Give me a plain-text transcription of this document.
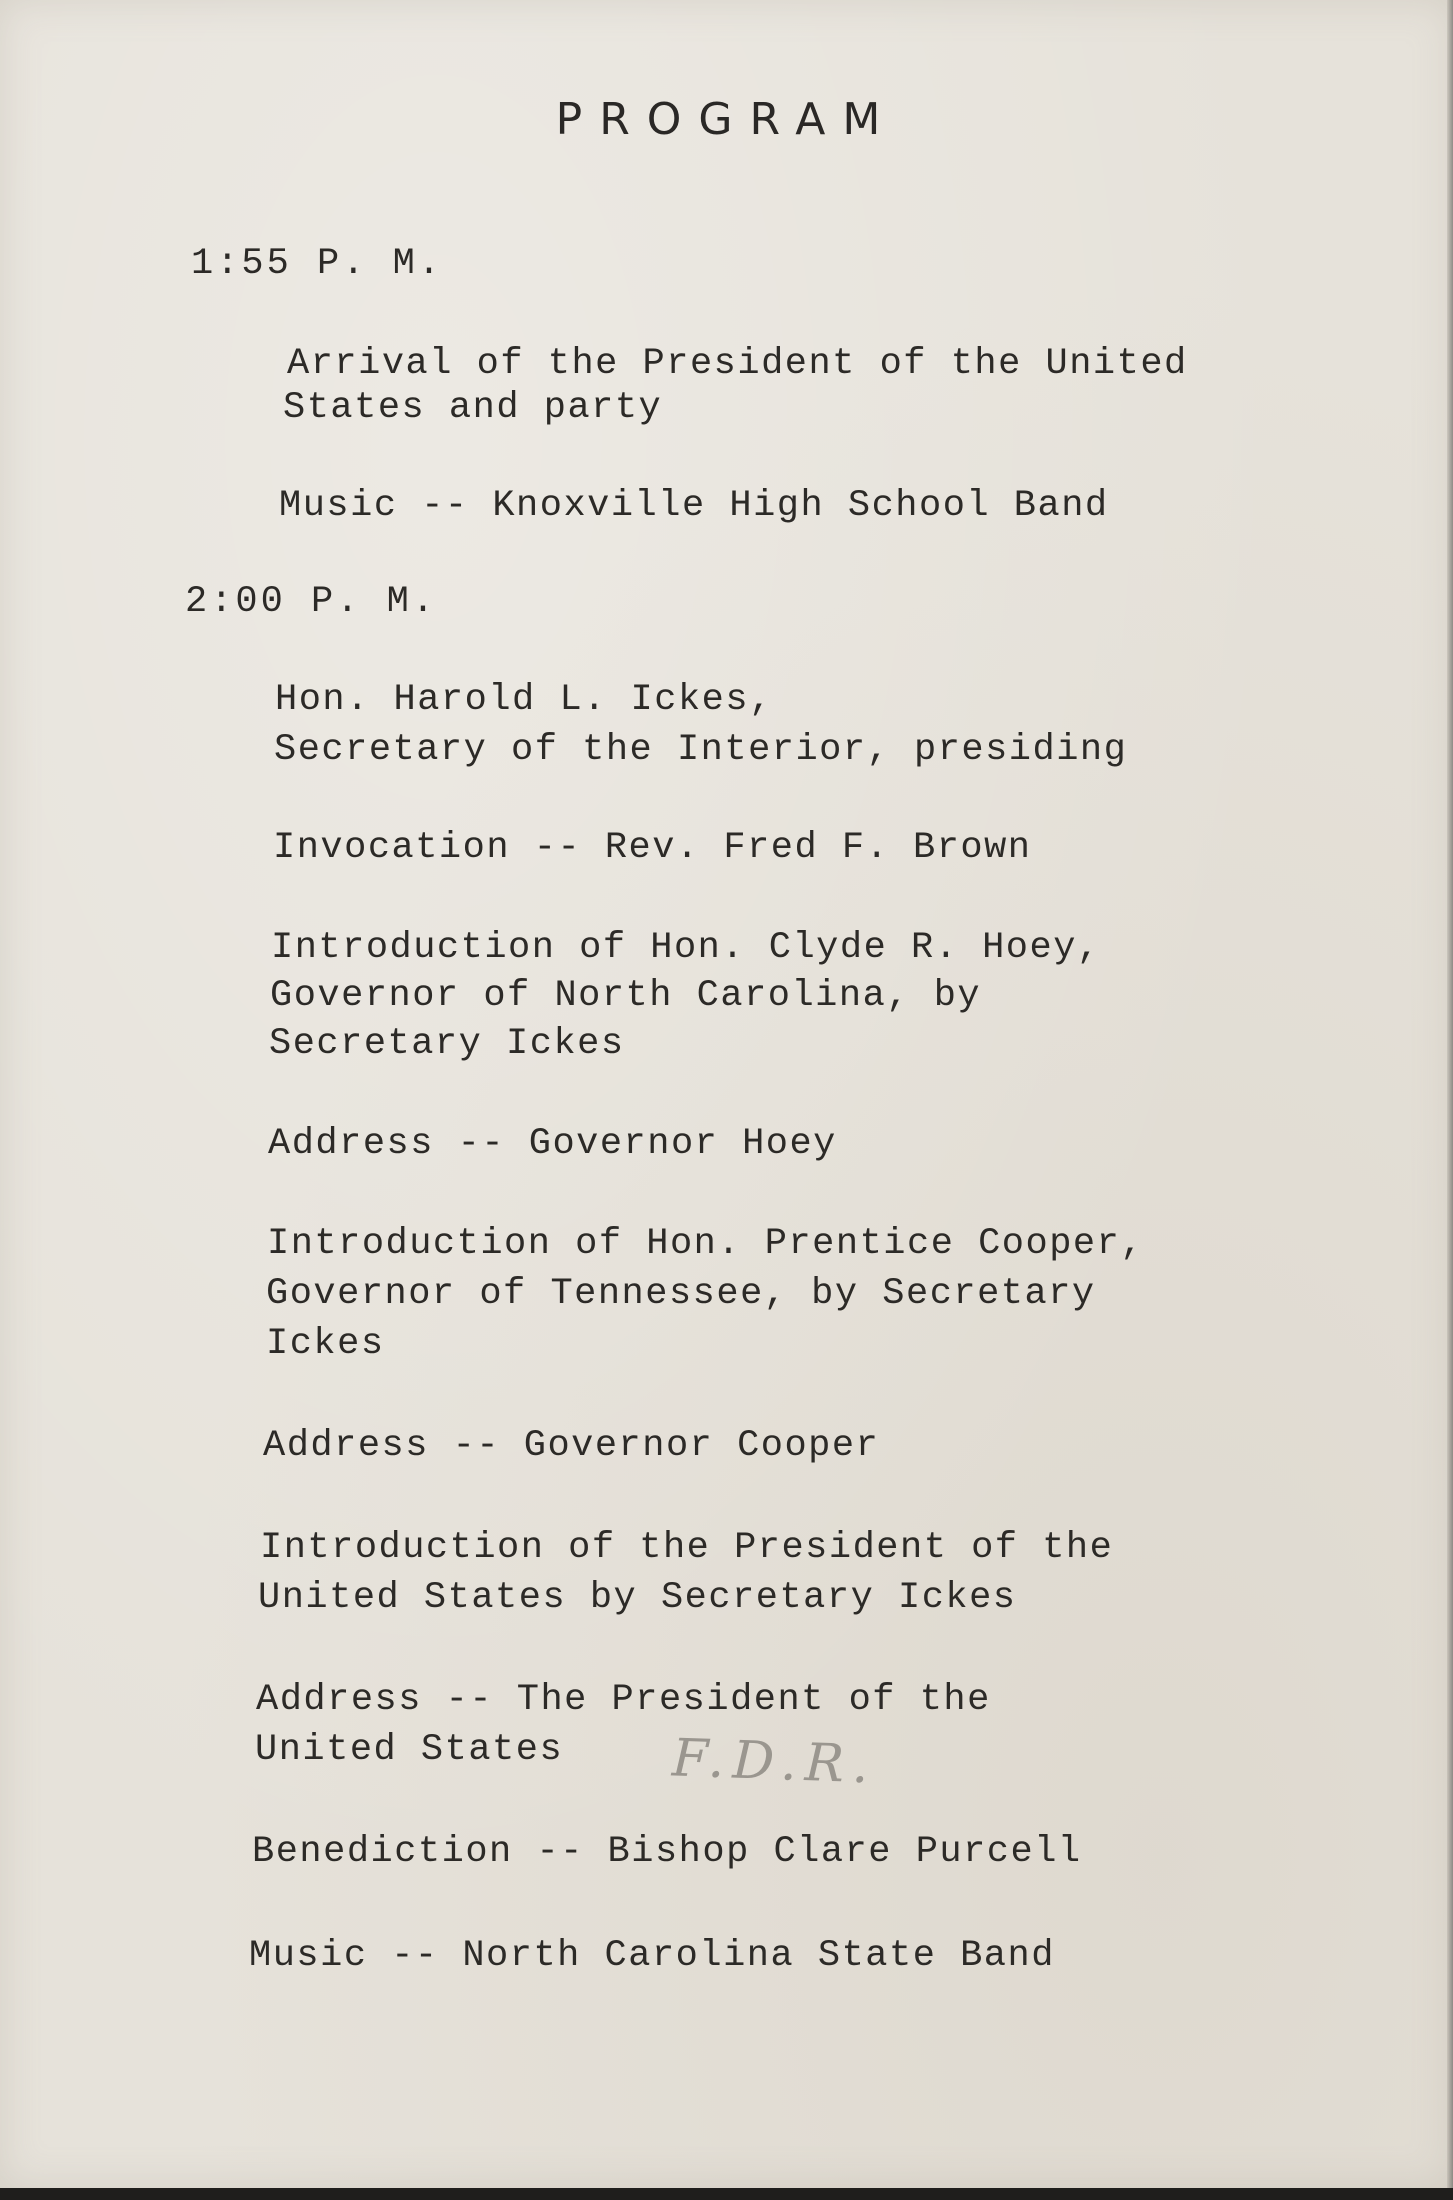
PROGRAM
1:55 P. M.
Arrival of the President of the United
States and party
Music -- Knoxville High School Band
2:00 P. M.
Hon. Harold L. Ickes,
Secretary of the Interior, presiding
Invocation -- Rev. Fred F. Brown
Introduction of Hon. Clyde R. Hoey,
Governor of North Carolina, by
Secretary Ickes
Address -- Governor Hoey
Introduction of Hon. Prentice Cooper,
Governor of Tennessee, by Secretary
Ickes
Address -- Governor Cooper
Introduction of the President of the
United States by Secretary Ickes
Address -- The President of the
United States
Benediction -- Bishop Clare Purcell
Music -- North Carolina State Band
F.D.R.
